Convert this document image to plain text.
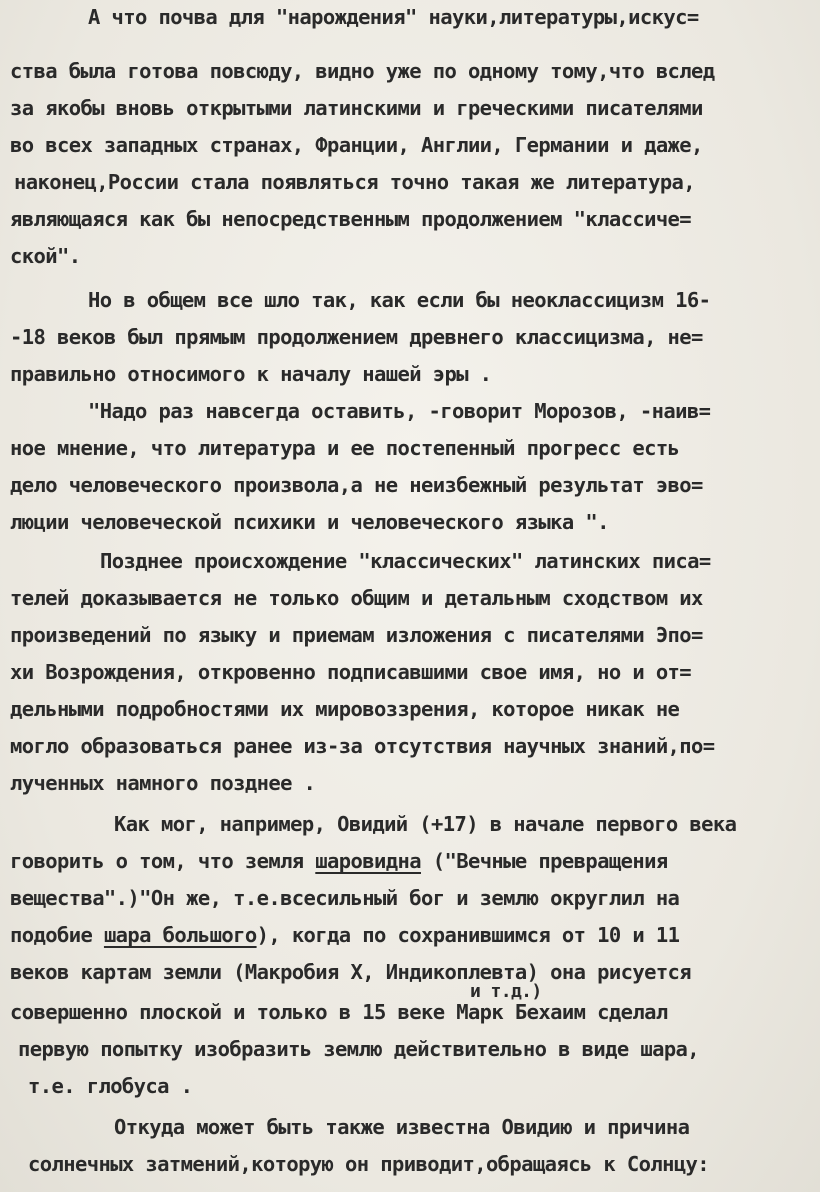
А что почва для "нарождения" науки,литературы,искус=
ства была готова повсюду, видно уже по одному тому,что вслед
за якобы вновь открытыми латинскими и греческими писателями
во всех западных странах, Франции, Англии, Германии и даже,
наконец,России стала появляться точно такая же литература,
являющаяся как бы непосредственным продолжением "классиче=
ской".
Но в общем все шло так, как если бы неоклассицизм 16-
-18 веков был прямым продолжением древнего классицизма, не=
правильно относимого к началу нашей эры .
"Надо раз навсегда оставить, -говорит Морозов, -наив=
ное мнение, что литература и ее постепенный прогресс есть
дело человеческого произвола,а не неизбежный результат эво=
люции человеческой психики и человеческого языка ".
Позднее происхождение "классических" латинских писа=
телей доказывается не только общим и детальным сходством их
произведений по языку и приемам изложения с писателями Эпо=
хи Возрождения, откровенно подписавшими свое имя, но и от=
дельными подробностями их мировоззрения, которое никак не
могло образоваться ранее из-за отсутствия научных знаний,по=
лученных намного позднее .
Как мог, например, Овидий (+17) в начале первого века
говорить о том, что земля шаровидна ("Вечные превращения
вещества".)"Он же, т.е.всесильный бог и землю округлил на
подобие шара большого), когда по сохранившимся от 10 и 11
веков картам земли (Макробия Х, Индикоплевта) она рисуется
и т.д.)
совершенно плоской и только в 15 веке Марк Бехаим сделал
первую попытку изобразить землю действительно в виде шара,
т.е. глобуса .
Откуда может быть также известна Овидию и причина
солнечных затмений,которую он приводит,обращаясь к Солнцу:
